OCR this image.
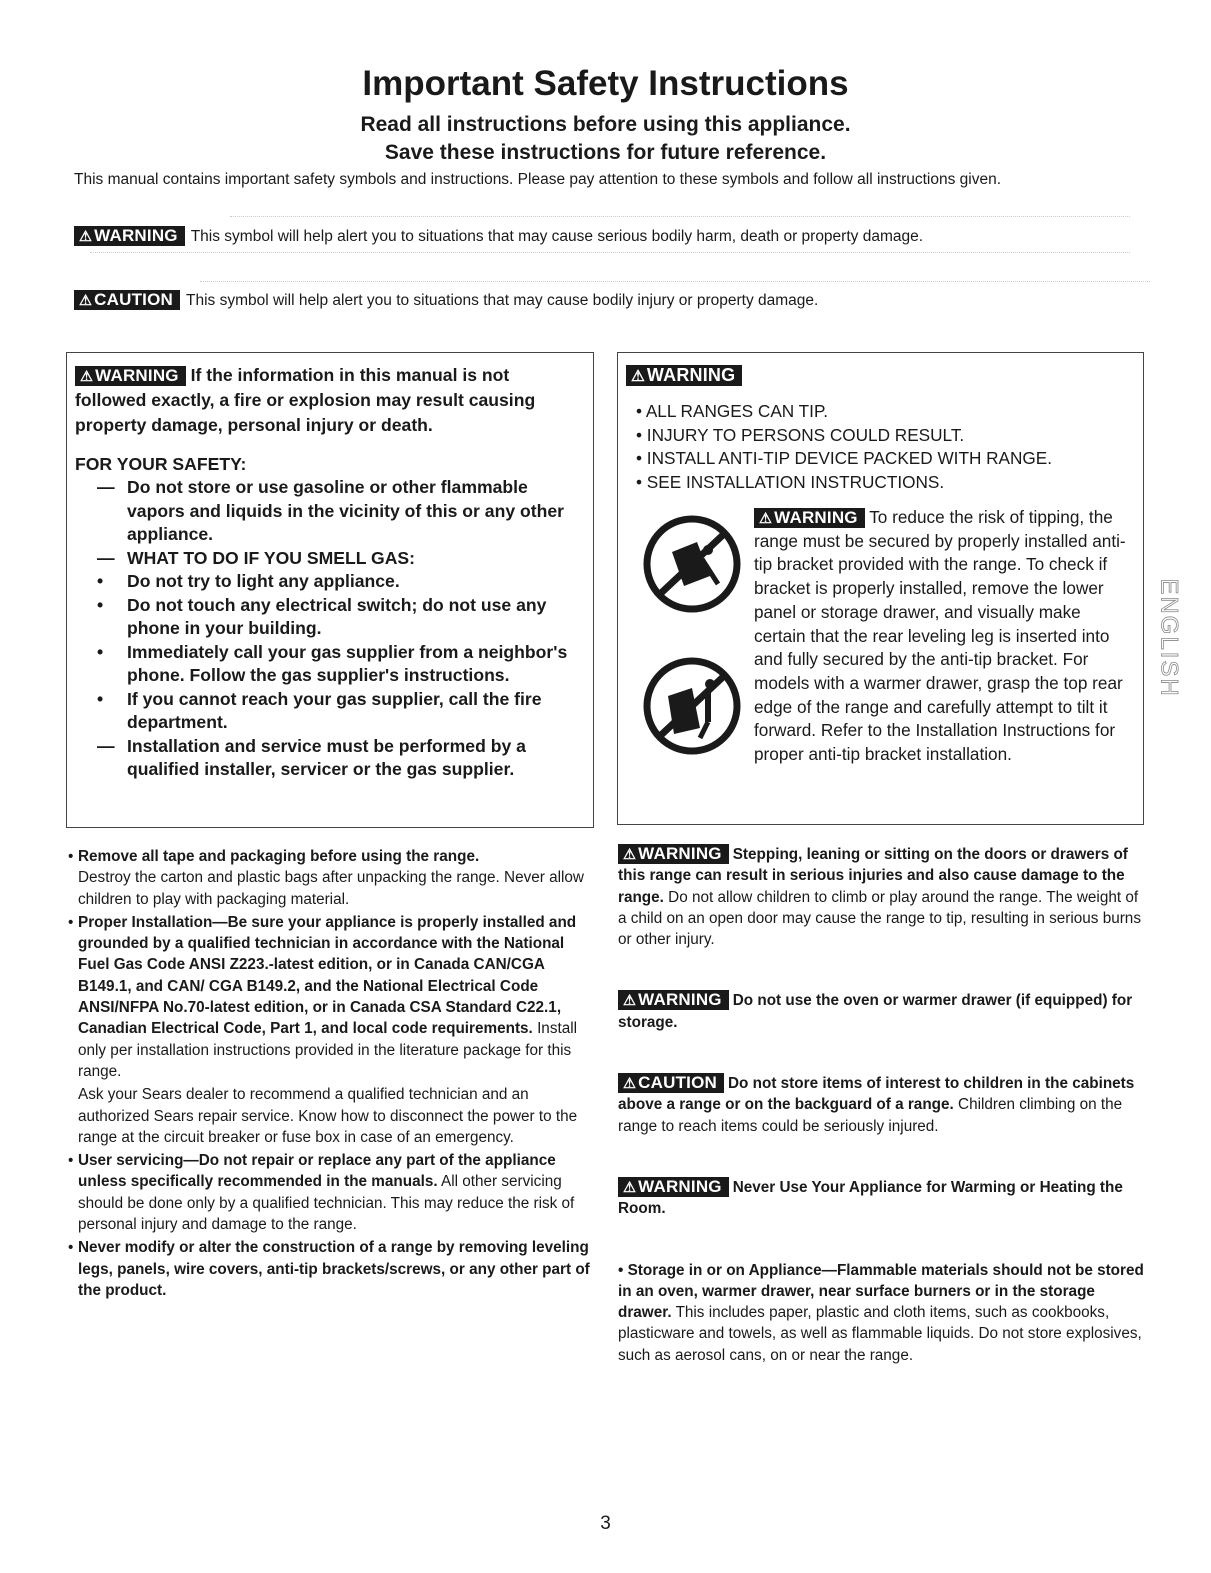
Important Safety Instructions
Read all instructions before using this appliance.
Save these instructions for future reference.
This manual contains important safety symbols and instructions. Please pay attention to these symbols and follow all instructions given.
⚠ WARNING This symbol will help alert you to situations that may cause serious bodily harm, death or property damage.
⚠ CAUTION This symbol will help alert you to situations that may cause bodily injury or property damage.
⚠ WARNING If the information in this manual is not followed exactly, a fire or explosion may result causing property damage, personal injury or death.
FOR YOUR SAFETY:
— Do not store or use gasoline or other flammable vapors and liquids in the vicinity of this or any other appliance.
— WHAT TO DO IF YOU SMELL GAS:
• Do not try to light any appliance.
• Do not touch any electrical switch; do not use any phone in your building.
• Immediately call your gas supplier from a neighbor's phone. Follow the gas supplier's instructions.
• If you cannot reach your gas supplier, call the fire department.
— Installation and service must be performed by a qualified installer, servicer or the gas supplier.
⚠ WARNING
• ALL RANGES CAN TIP.
• INJURY TO PERSONS COULD RESULT.
• INSTALL ANTI-TIP DEVICE PACKED WITH RANGE.
• SEE INSTALLATION INSTRUCTIONS.
⚠ WARNING To reduce the risk of tipping, the range must be secured by properly installed anti-tip bracket provided with the range. To check if bracket is properly installed, remove the lower panel or storage drawer, and visually make certain that the rear leveling leg is inserted into and fully secured by the anti-tip bracket. For models with a warmer drawer, grasp the top rear edge of the range and carefully attempt to tilt it forward. Refer to the Installation Instructions for proper anti-tip bracket installation.
• Remove all tape and packaging before using the range.
Destroy the carton and plastic bags after unpacking the range. Never allow children to play with packaging material.
• Proper Installation—Be sure your appliance is properly installed and grounded by a qualified technician in accordance with the National Fuel Gas Code ANSI Z223.-latest edition, or in Canada CAN/CGA B149.1, and CAN/ CGA B149.2, and the National Electrical Code ANSI/NFPA No.70-latest edition, or in Canada CSA Standard C22.1, Canadian Electrical Code, Part 1, and local code requirements. Install only per installation instructions provided in the literature package for this range.
Ask your Sears dealer to recommend a qualified technician and an authorized Sears repair service. Know how to disconnect the power to the range at the circuit breaker or fuse box in case of an emergency.
• User servicing—Do not repair or replace any part of the appliance unless specifically recommended in the manuals. All other servicing should be done only by a qualified technician. This may reduce the risk of personal injury and damage to the range.
• Never modify or alter the construction of a range by removing leveling legs, panels, wire covers, anti-tip brackets/screws, or any other part of the product.
⚠ WARNING Stepping, leaning or sitting on the doors or drawers of this range can result in serious injuries and also cause damage to the range. Do not allow children to climb or play around the range. The weight of a child on an open door may cause the range to tip, resulting in serious burns or other injury.
⚠ WARNING Do not use the oven or warmer drawer (if equipped) for storage.
⚠ CAUTION Do not store items of interest to children in the cabinets above a range or on the backguard of a range. Children climbing on the range to reach items could be seriously injured.
⚠ WARNING Never Use Your Appliance for Warming or Heating the Room.
• Storage in or on Appliance—Flammable materials should not be stored in an oven, warmer drawer, near surface burners or in the storage drawer. This includes paper, plastic and cloth items, such as cookbooks, plasticware and towels, as well as flammable liquids. Do not store explosives, such as aerosol cans, on or near the range.
ENGLISH
3
